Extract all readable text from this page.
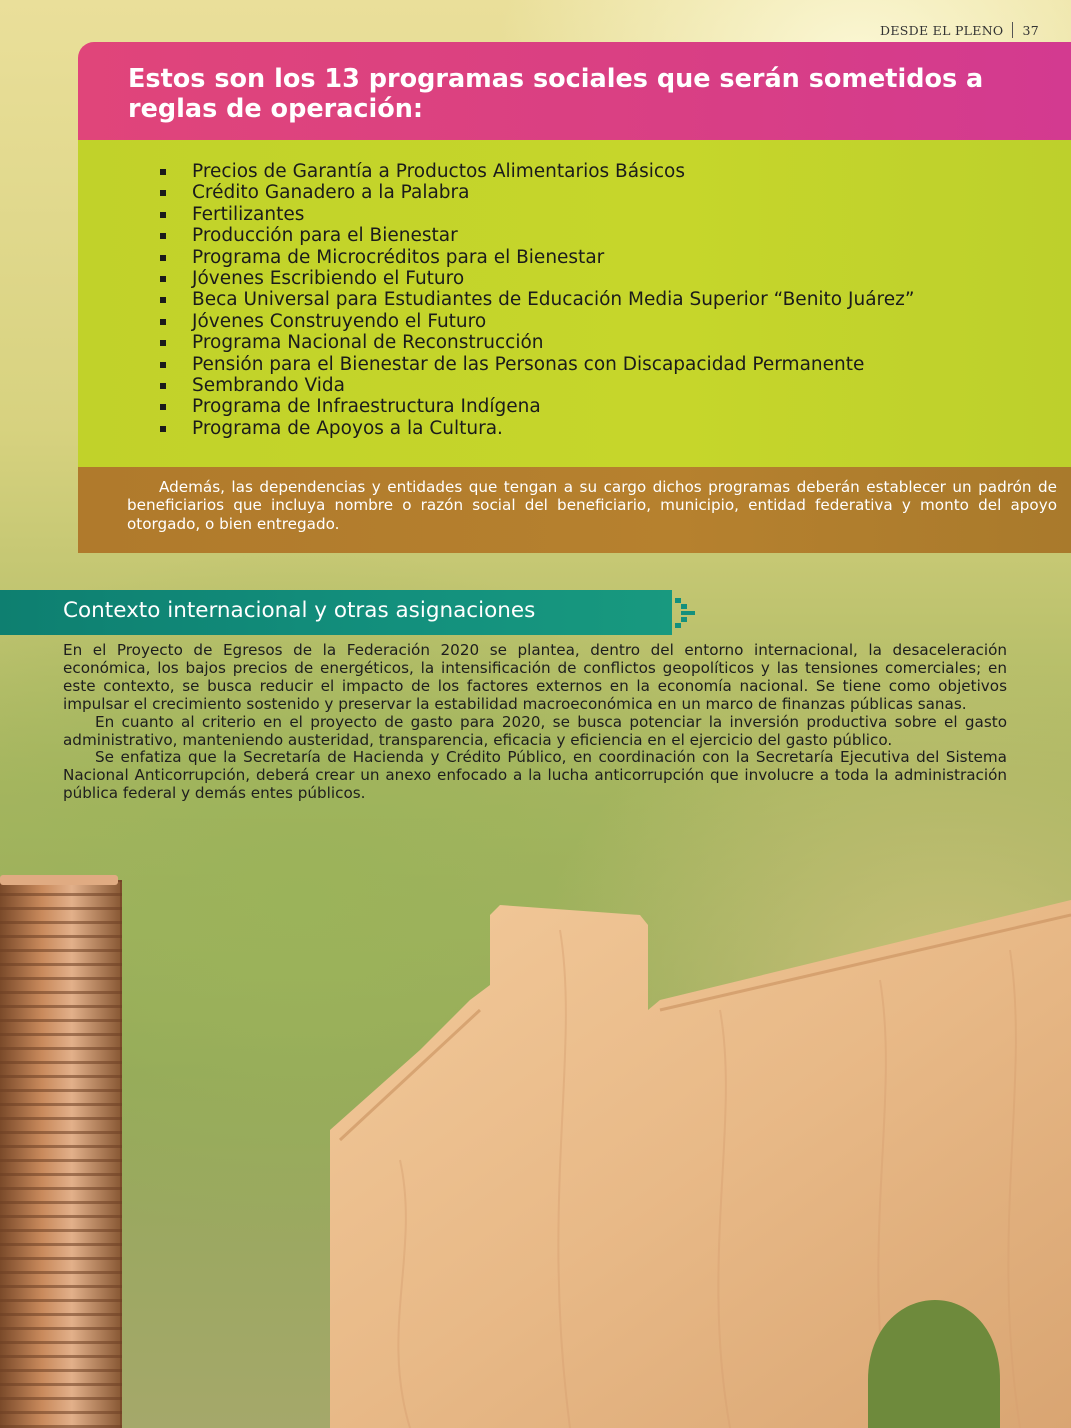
DESDE EL PLENO 37
Estos son los 13 programas sociales que serán sometidos a reglas de operación:
Precios de Garantía a Productos Alimentarios Básicos
Crédito Ganadero a la Palabra
Fertilizantes
Producción para el Bienestar
Programa de Microcréditos para el Bienestar
Jóvenes Escribiendo el Futuro
Beca Universal para Estudiantes de Educación Media Superior “Benito Juárez”
Jóvenes Construyendo el Futuro
Programa Nacional de Reconstrucción
Pensión para el Bienestar de las Personas con Discapacidad Permanente
Sembrando Vida
Programa de Infraestructura Indígena
Programa de Apoyos a la Cultura.

Además, las dependencias y entidades que tengan a su cargo dichos programas deberán establecer un padrón de beneficiarios que incluya nombre o razón social del beneficiario, municipio, entidad federativa y monto del apoyo otorgado, o bien entregado.

Contexto internacional y otras asignaciones

En el Proyecto de Egresos de la Federación 2020 se plantea, dentro del entorno internacional, la desaceleración económica, los bajos precios de energéticos, la intensificación de conflictos geopolíticos y las tensiones comerciales; en este contexto, se busca reducir el impacto de los factores externos en la economía nacional. Se tiene como objetivos impulsar el crecimiento sostenido y preservar la estabilidad macroeconómica en un marco de finanzas públicas sanas.

En cuanto al criterio en el proyecto de gasto para 2020, se busca potenciar la inversión productiva sobre el gasto administrativo, manteniendo austeridad, transparencia, eficacia y eficiencia en el ejercicio del gasto público.

Se enfatiza que la Secretaría de Hacienda y Crédito Público, en coordinación con la Secretaría Ejecutiva del Sistema Nacional Anticorrupción, deberá crear un anexo enfocado a la lucha anticorrupción que involucre a toda la administración pública federal y demás entes públicos.
